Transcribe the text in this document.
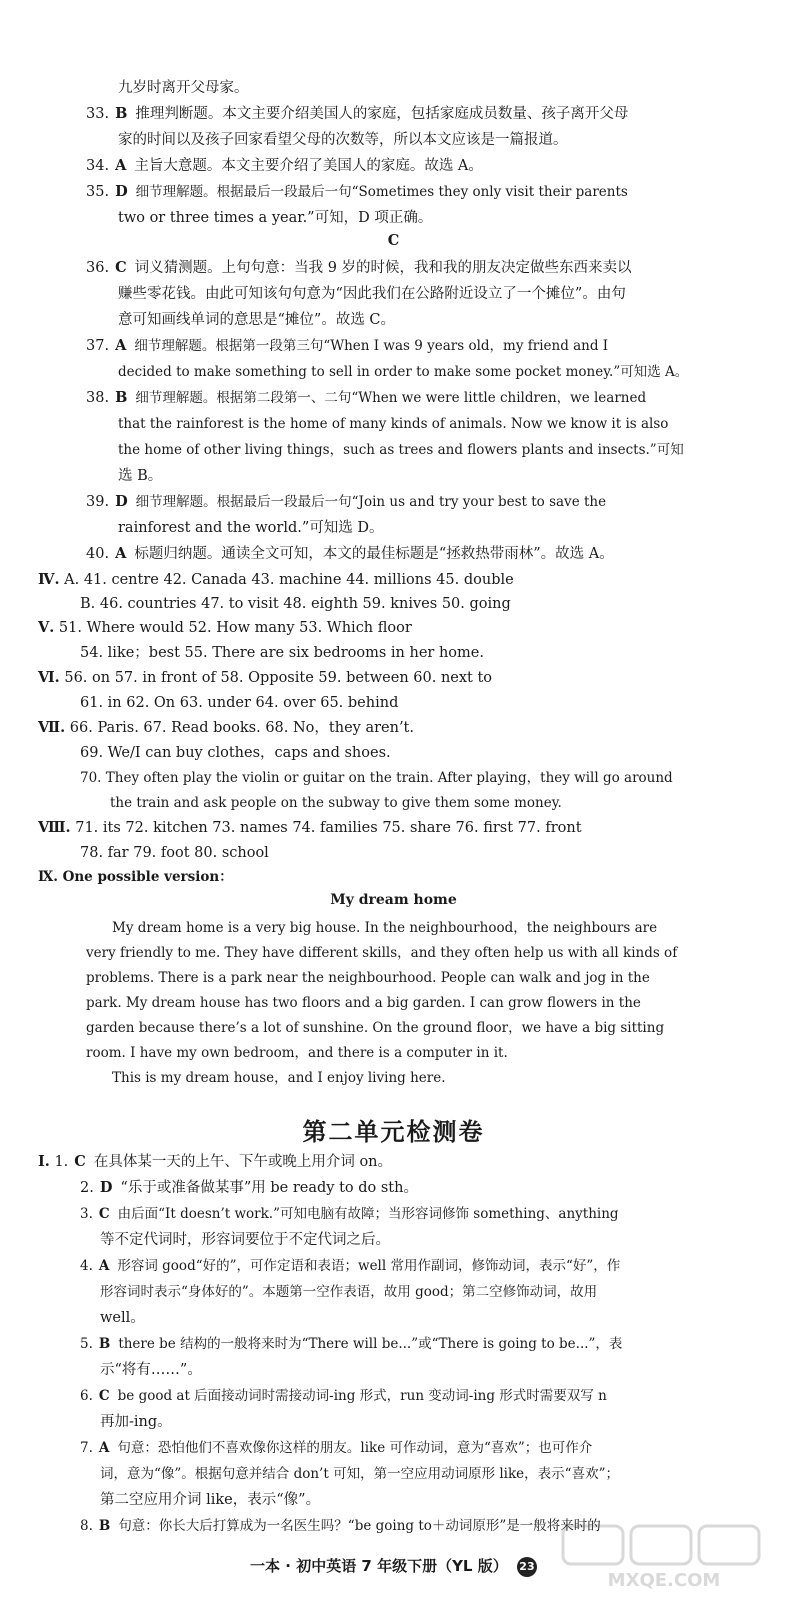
九岁时离开父母家。
33. B 推理判断题。本文主要介绍美国人的家庭，包括家庭成员数量、孩子离开父母
家的时间以及孩子回家看望父母的次数等，所以本文应该是一篇报道。
34. A 主旨大意题。本文主要介绍了美国人的家庭。故选 A。
35. D 细节理解题。根据最后一段最后一句“Sometimes they only visit their parents
two or three times a year.”可知，D 项正确。
C
36. C 词义猜测题。上句句意：当我 9 岁的时候，我和我的朋友决定做些东西来卖以
赚些零花钱。由此可知该句句意为“因此我们在公路附近设立了一个摊位”。由句
意可知画线单词的意思是“摊位”。故选 C。
37. A 细节理解题。根据第一段第三句“When I was 9 years old，my friend and I
decided to make something to sell in order to make some pocket money.”可知选 A。
38. B 细节理解题。根据第二段第一、二句“When we were little children，we learned
that the rainforest is the home of many kinds of animals. Now we know it is also
the home of other living things，such as trees and flowers plants and insects.”可知
选 B。
39. D 细节理解题。根据最后一段最后一句“Join us and try your best to save the
rainforest and the world.”可知选 D。
40. A 标题归纳题。通读全文可知，本文的最佳标题是“拯救热带雨林”。故选 A。
Ⅳ. A. 41. centre 42. Canada 43. machine 44. millions 45. double
B. 46. countries 47. to visit 48. eighth 59. knives 50. going
Ⅴ. 51. Where would 52. How many 53. Which floor
54. like；best 55. There are six bedrooms in her home.
Ⅵ. 56. on 57. in front of 58. Opposite 59. between 60. next to
61. in 62. On 63. under 64. over 65. behind
Ⅶ. 66. Paris. 67. Read books. 68. No，they aren’t.
69. We/I can buy clothes，caps and shoes.
70. They often play the violin or guitar on the train. After playing，they will go around
the train and ask people on the subway to give them some money.
Ⅷ. 71. its 72. kitchen 73. names 74. families 75. share 76. first 77. front
78. far 79. foot 80. school
Ⅸ. One possible version：
My dream home
My dream home is a very big house. In the neighbourhood，the neighbours are
very friendly to me. They have different skills，and they often help us with all kinds of
problems. There is a park near the neighbourhood. People can walk and jog in the
park. My dream house has two floors and a big garden. I can grow flowers in the
garden because there’s a lot of sunshine. On the ground floor，we have a big sitting
room. I have my own bedroom，and there is a computer in it.
This is my dream house，and I enjoy living here.
第二单元检测卷
Ⅰ. 1. C 在具体某一天的上午、下午或晚上用介词 on。
2. D “乐于或准备做某事”用 be ready to do sth。
3. C 由后面“It doesn’t work.”可知电脑有故障；当形容词修饰 something、anything
等不定代词时，形容词要位于不定代词之后。
4. A 形容词 good“好的”，可作定语和表语；well 常用作副词，修饰动词，表示“好”，作
形容词时表示“身体好的”。本题第一空作表语，故用 good；第二空修饰动词，故用
well。
5. B there be 结构的一般将来时为“There will be...”或“There is going to be...”，表
示“将有……”。
6. C be good at 后面接动词时需接动词-ing 形式，run 变动词-ing 形式时需要双写 n
再加-ing。
7. A 句意：恐怕他们不喜欢像你这样的朋友。like 可作动词，意为“喜欢”；也可作介
词，意为“像”。根据句意并结合 don’t 可知，第一空应用动词原形 like，表示“喜欢”；
第二空应用介词 like，表示“像”。
8. B 句意：你长大后打算成为一名医生吗？“be going to＋动词原形”是一般将来时的
一本 · 初中英语 7 年级下册（YL 版） 23
MXQE.COM
